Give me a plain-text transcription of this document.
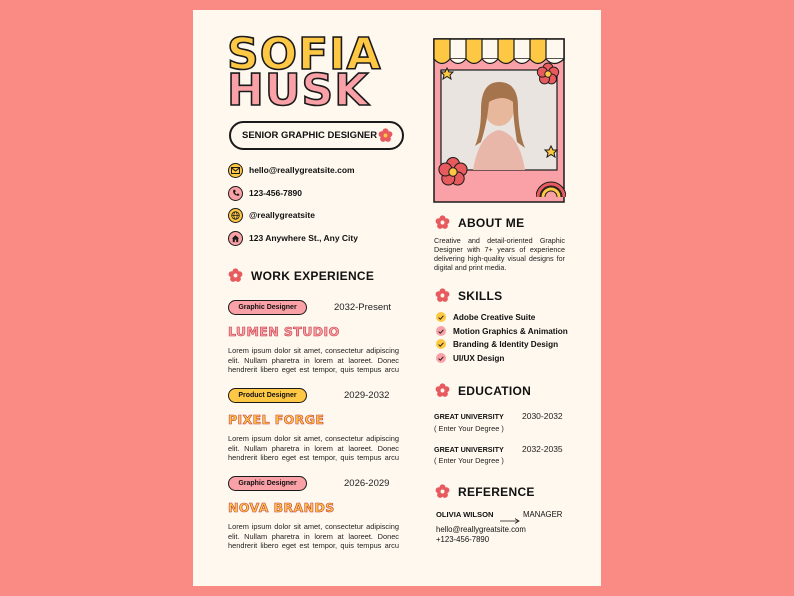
SOFIA
HUSK
SENIOR GRAPHIC DESIGNER
hello@reallygreatsite.com
123-456-7890
@reallygreatsite
123 Anywhere St., Any City
WORK EXPERIENCE
Graphic Designer	2032-Present
LUMEN STUDIO
Lorem ipsum dolor sit amet, consectetur adipiscing elit. Nullam pharetra in lorem at laoreet. Donec hendrerit libero eget est tempor, quis tempus arcu
Product Designer	2029-2032
PIXEL FORGE
Lorem ipsum dolor sit amet, consectetur adipiscing elit. Nullam pharetra in lorem at laoreet. Donec hendrerit libero eget est tempor, quis tempus arcu
Graphic Designer	2026-2029
NOVA BRANDS
Lorem ipsum dolor sit amet, consectetur adipiscing elit. Nullam pharetra in lorem at laoreet. Donec hendrerit libero eget est tempor, quis tempus arcu
ABOUT ME
Creative and detail-oriented Graphic Designer with 7+ years of experience delivering high-quality visual designs for digital and print media.
SKILLS
Adobe Creative Suite
Motion Graphics & Animation
Branding & Identity Design
UI/UX Design
EDUCATION
GREAT UNIVERSITY 2030-2032
( Enter Your Degree )
GREAT UNIVERSITY 2032-2035
( Enter Your Degree )
REFERENCE
OLIVIA WILSON	MANAGER
hello@reallygreatsite.com
+123-456-7890
